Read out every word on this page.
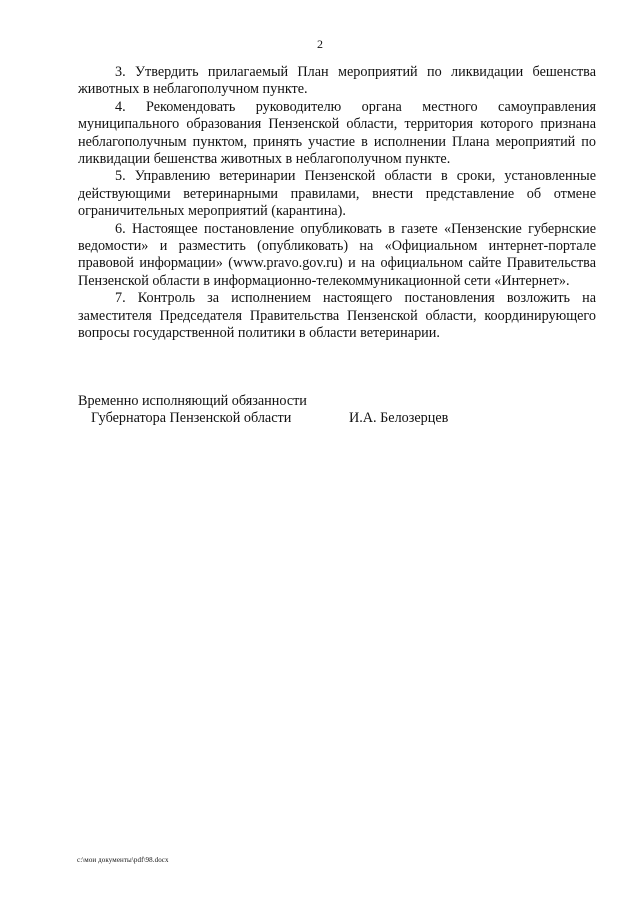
2

3. Утвердить прилагаемый План мероприятий по ликвидации бешенства животных в неблагополучном пункте.

4. Рекомендовать руководителю органа местного самоуправления муниципального образования Пензенской области, территория которого признана неблагополучным пунктом, принять участие в исполнении Плана мероприятий по ликвидации бешенства животных в неблагополучном пункте.

5. Управлению ветеринарии Пензенской области в сроки, установленные действующими ветеринарными правилами, внести представление об отмене ограничительных мероприятий (карантина).

6. Настоящее постановление опубликовать в газете «Пензенские губернские ведомости» и разместить (опубликовать) на «Официальном интернет-портале правовой информации» (www.pravo.gov.ru) и на официальном сайте Правительства Пензенской области в информационно-телекоммуникационной сети «Интернет».

7. Контроль за исполнением настоящего постановления возложить на заместителя Председателя Правительства Пензенской области, координирующего вопросы государственной политики в области ветеринарии.

Временно исполняющий обязанности
Губернатора Пензенской области	И.А. Белозерцев
c:\мои документы\pdf\98.docx
